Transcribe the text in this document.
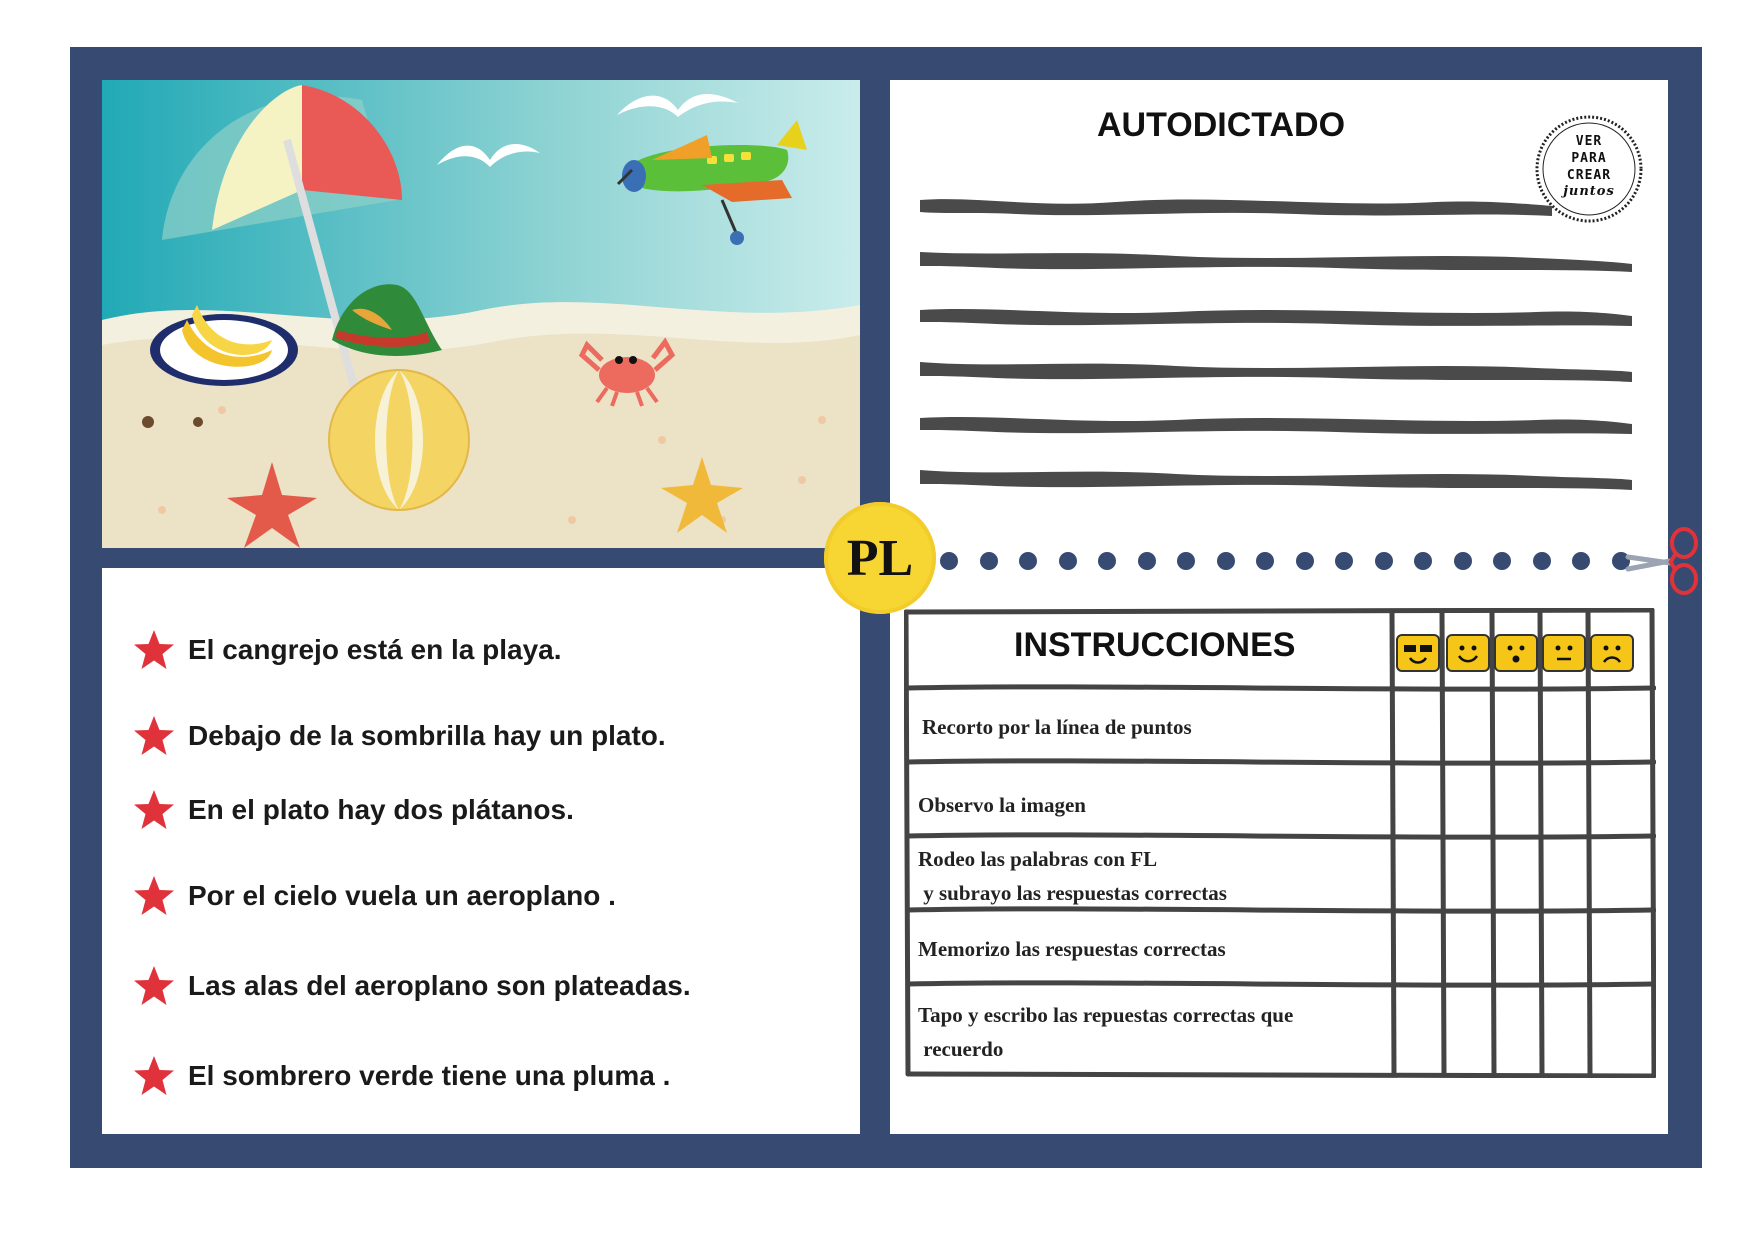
El cangrejo está en la playa.
Debajo de la sombrilla hay un plato.
En el plato hay dos plátanos.
Por el cielo vuela un aeroplano .
Las alas del aeroplano son plateadas.
El sombrero verde tiene una pluma .
AUTODICTADO	VER
PARA
CREAR
juntos
INSTRUCCIONES
Recorto por la línea de puntos
Observo la imagen
Rodeo las palabras con FL
y subrayo las respuestas correctas
Memorizo las respuestas correctas
Tapo y escribo las repuestas correctas que
recuerdo
PL
